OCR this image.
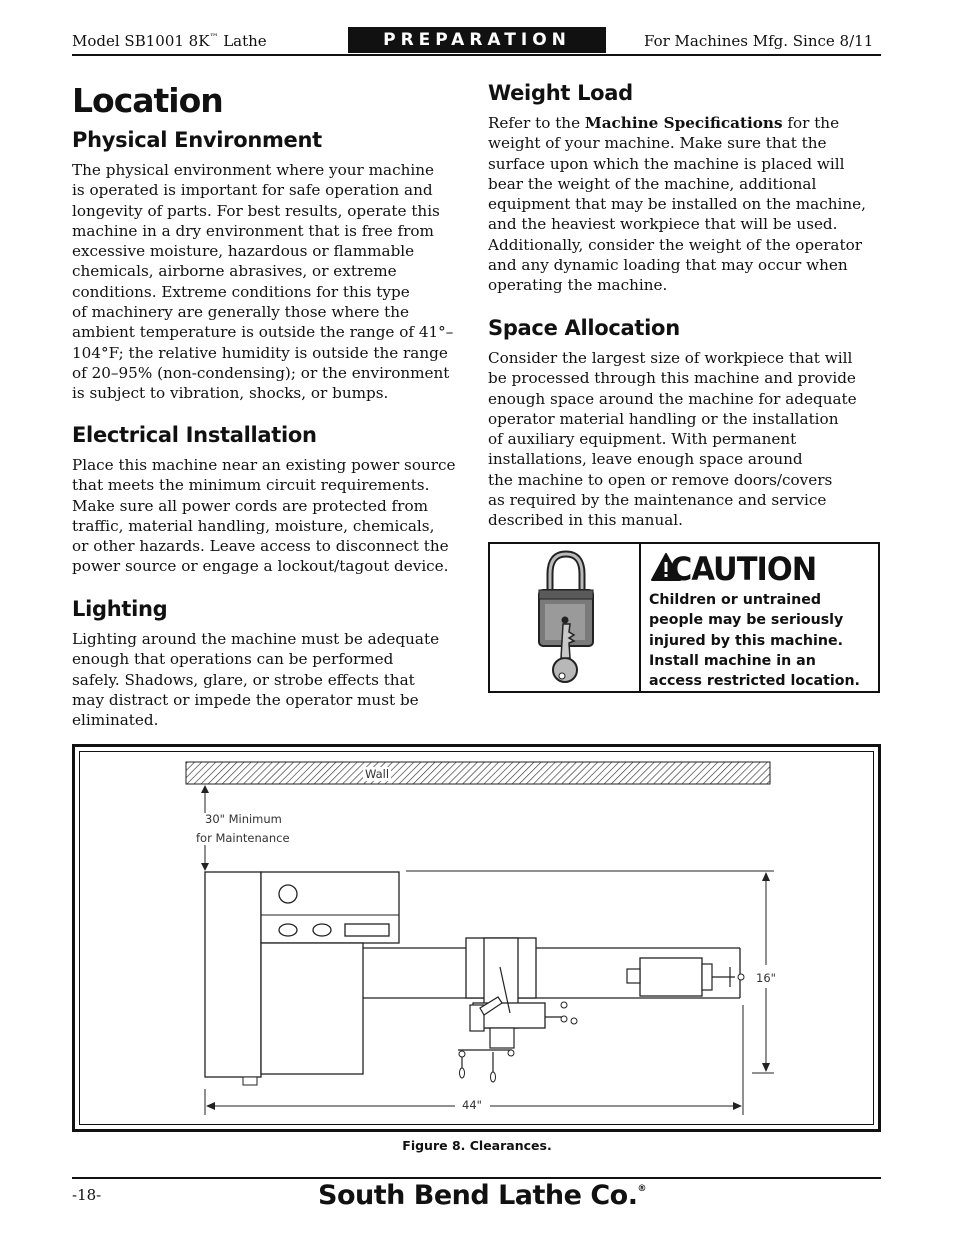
Model SB1001 8K™ Lathe	PREPARATION	For Machines Mfg. Since 8/11
Location
Physical Environment
The physical environment where your machine
is operated is important for safe operation and
longevity of parts. For best results, operate this
machine in a dry environment that is free from
excessive moisture, hazardous or flammable
chemicals, airborne abrasives, or extreme
conditions. Extreme conditions for this type
of machinery are generally those where the
ambient temperature is outside the range of 41°–
104°F; the relative humidity is outside the range
of 20–95% (non-condensing); or the environment
is subject to vibration, shocks, or bumps.
Electrical Installation
Place this machine near an existing power source
that meets the minimum circuit requirements.
Make sure all power cords are protected from
traffic, material handling, moisture, chemicals,
or other hazards. Leave access to disconnect the
power source or engage a lockout/tagout device.
Lighting
Lighting around the machine must be adequate
enough that operations can be performed
safely. Shadows, glare, or strobe effects that
may distract or impede the operator must be
eliminated.
Weight Load
Refer to the Machine Specifications for the
weight of your machine. Make sure that the
surface upon which the machine is placed will
bear the weight of the machine, additional
equipment that may be installed on the machine,
and the heaviest workpiece that will be used.
Additionally, consider the weight of the operator
and any dynamic loading that may occur when
operating the machine.
Space Allocation
Consider the largest size of workpiece that will
be processed through this machine and provide
enough space around the machine for adequate
operator material handling or the installation
of auxiliary equipment. With permanent
installations, leave enough space around
the machine to open or remove doors/covers
as required by the maintenance and service
described in this manual.
CAUTION
Children or untrained
people may be seriously
injured by this machine.
Install machine in an
access restricted location.
Wall
30" Minimum
for Maintenance
16"
44"
Figure 8. Clearances.
-18-	South Bend Lathe Co.®
